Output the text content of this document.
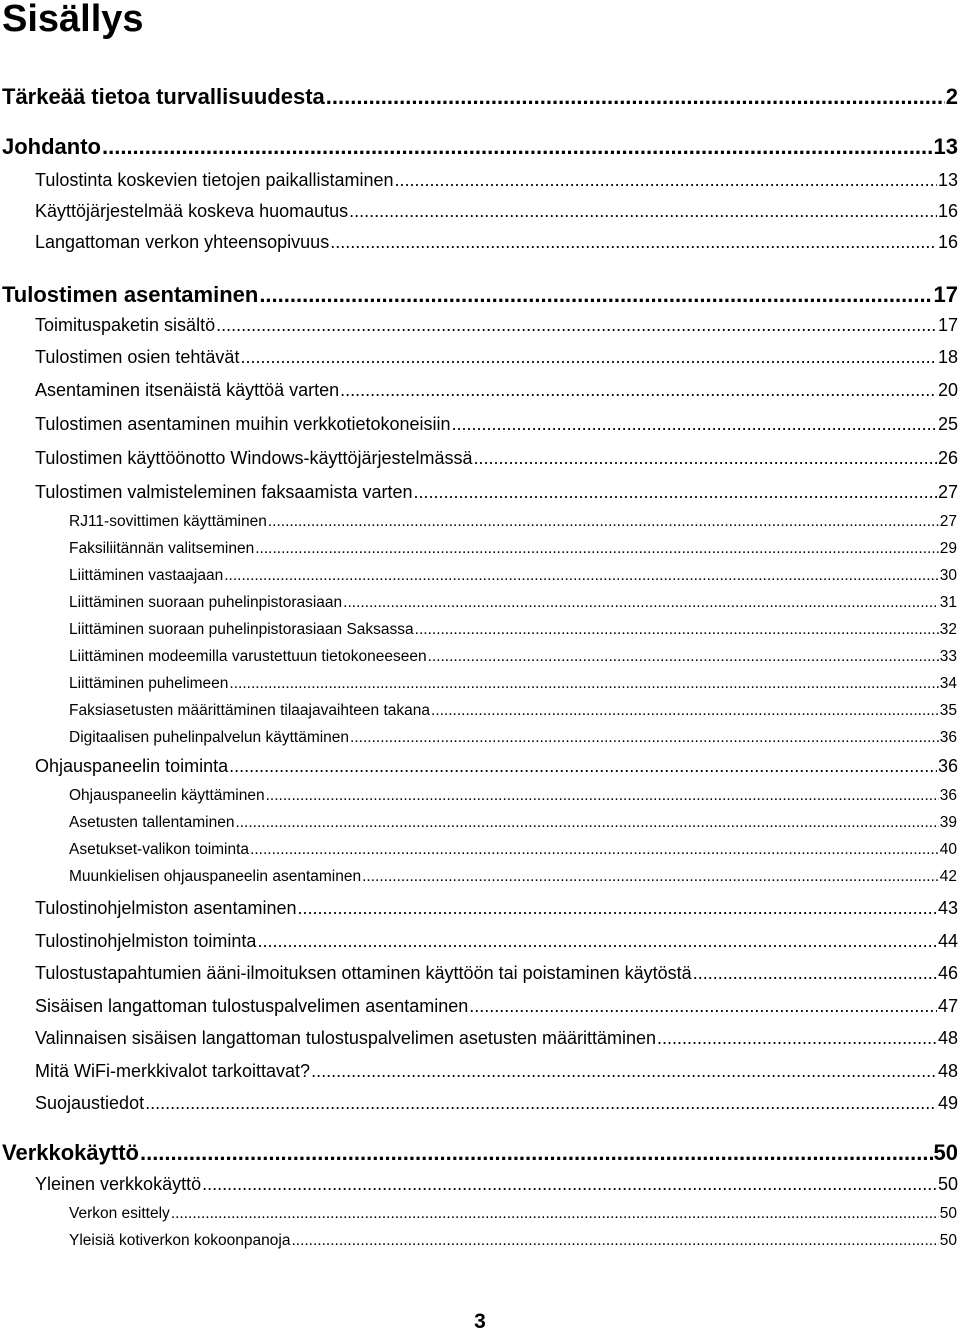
Sisällys
Tärkeää tietoa turvallisuudesta .....	2
Johdanto .....	13
Tulostinta koskevien tietojen paikallistaminen .....	13
Käyttöjärjestelmää koskeva huomautus .....	16
Langattoman verkon yhteensopivuus .....	16
Tulostimen asentaminen .....	17
Toimituspaketin sisältö .....	17
Tulostimen osien tehtävät .....	18
Asentaminen itsenäistä käyttöä varten .....	20
Tulostimen asentaminen muihin verkkotietokoneisiin .....	25
Tulostimen käyttöönotto Windows-käyttöjärjestelmässä .....	26
Tulostimen valmisteleminen faksaamista varten .....	27
RJ11-sovittimen käyttäminen .....	27
Faksiliitännän valitseminen .....	29
Liittäminen vastaajaan .....	30
Liittäminen suoraan puhelinpistorasiaan .....	31
Liittäminen suoraan puhelinpistorasiaan Saksassa .....	32
Liittäminen modeemilla varustettuun tietokoneeseen .....	33
Liittäminen puhelimeen .....	34
Faksiasetusten määrittäminen tilaajavaihteen takana .....	35
Digitaalisen puhelinpalvelun käyttäminen .....	36
Ohjauspaneelin toiminta .....	36
Ohjauspaneelin käyttäminen .....	36
Asetusten tallentaminen .....	39
Asetukset-valikon toiminta .....	40
Muunkielisen ohjauspaneelin asentaminen .....	42
Tulostinohjelmiston asentaminen .....	43
Tulostinohjelmiston toiminta .....	44
Tulostustapahtumien ääni-ilmoituksen ottaminen käyttöön tai poistaminen käytöstä .....	46
Sisäisen langattoman tulostuspalvelimen asentaminen .....	47
Valinnaisen sisäisen langattoman tulostuspalvelimen asetusten määrittäminen .....	48
Mitä WiFi-merkkivalot tarkoittavat? .....	48
Suojaustiedot .....	49
Verkkokäyttö .....	50
Yleinen verkkokäyttö .....	50
Verkon esittely .....	50
Yleisiä kotiverkon kokoonpanoja .....	50
3
